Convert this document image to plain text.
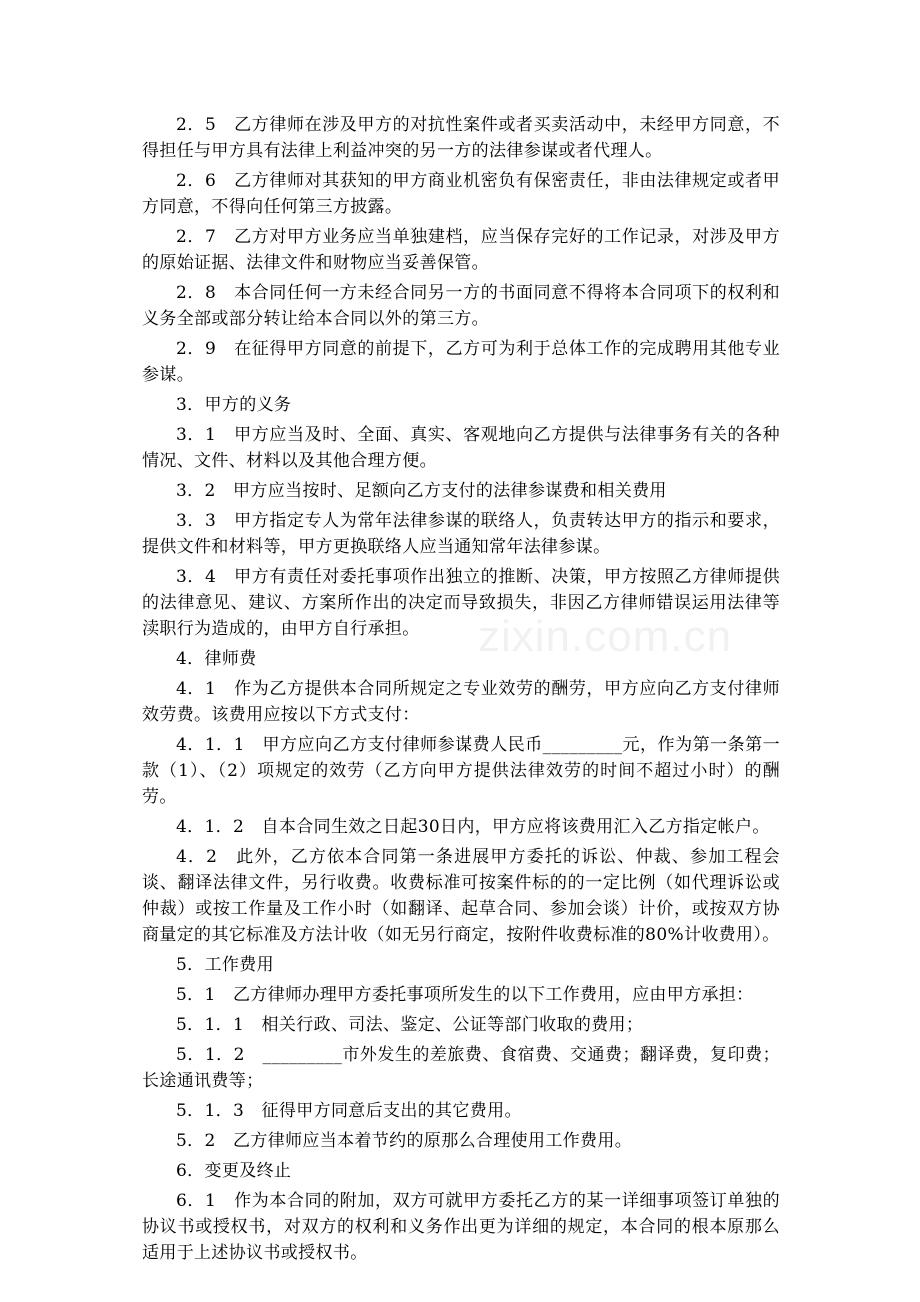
2．5　乙方律师在涉及甲方的对抗性案件或者买卖活动中，未经甲方同意，不得担任与甲方具有法律上利益冲突的另一方的法律参谋或者代理人。

2．6　乙方律师对其获知的甲方商业机密负有保密责任，非由法律规定或者甲方同意，不得向任何第三方披露。

2．7　乙方对甲方业务应当单独建档，应当保存完好的工作记录，对涉及甲方的原始证据、法律文件和财物应当妥善保管。

2．8　本合同任何一方未经合同另一方的书面同意不得将本合同项下的权利和义务全部或部分转让给本合同以外的第三方。

2．9　在征得甲方同意的前提下，乙方可为利于总体工作的完成聘用其他专业参谋。

3．甲方的义务

3．1　甲方应当及时、全面、真实、客观地向乙方提供与法律事务有关的各种情况、文件、材料以及其他合理方便。

3．2　甲方应当按时、足额向乙方支付的法律参谋费和相关费用

3．3　甲方指定专人为常年法律参谋的联络人，负责转达甲方的指示和要求，提供文件和材料等，甲方更换联络人应当通知常年法律参谋。

3．4　甲方有责任对委托事项作出独立的推断、决策，甲方按照乙方律师提供的法律意见、建议、方案所作出的决定而导致损失，非因乙方律师错误运用法律等渎职行为造成的，由甲方自行承担。

4．律师费

4．1　作为乙方提供本合同所规定之专业效劳的酬劳，甲方应向乙方支付律师效劳费。该费用应按以下方式支付：

4．1．1　甲方应向乙方支付律师参谋费人民币_________元，作为第一条第一款（1）、（2）项规定的效劳（乙方向甲方提供法律效劳的时间不超过小时）的酬劳。

4．1．2　自本合同生效之日起30日内，甲方应将该费用汇入乙方指定帐户。

4．2　此外，乙方依本合同第一条进展甲方委托的诉讼、仲裁、参加工程会谈、翻译法律文件，另行收费。收费标准可按案件标的的一定比例（如代理诉讼或仲裁）或按工作量及工作小时（如翻译、起草合同、参加会谈）计价，或按双方协商量定的其它标准及方法计收（如无另行商定，按附件收费标准的80%计收费用）。

5．工作费用

5．1　乙方律师办理甲方委托事项所发生的以下工作费用，应由甲方承担：

5．1．1　相关行政、司法、鉴定、公证等部门收取的费用；

5．1．2　_________市外发生的差旅费、食宿费、交通费；翻译费，复印费；长途通讯费等；

5．1．3　征得甲方同意后支出的其它费用。

5．2　乙方律师应当本着节约的原那么合理使用工作费用。

6．变更及终止

6．1　作为本合同的附加，双方可就甲方委托乙方的某一详细事项签订单独的协议书或授权书，对双方的权利和义务作出更为详细的规定，本合同的根本原那么适用于上述协议书或授权书。

zixin.com.cn
